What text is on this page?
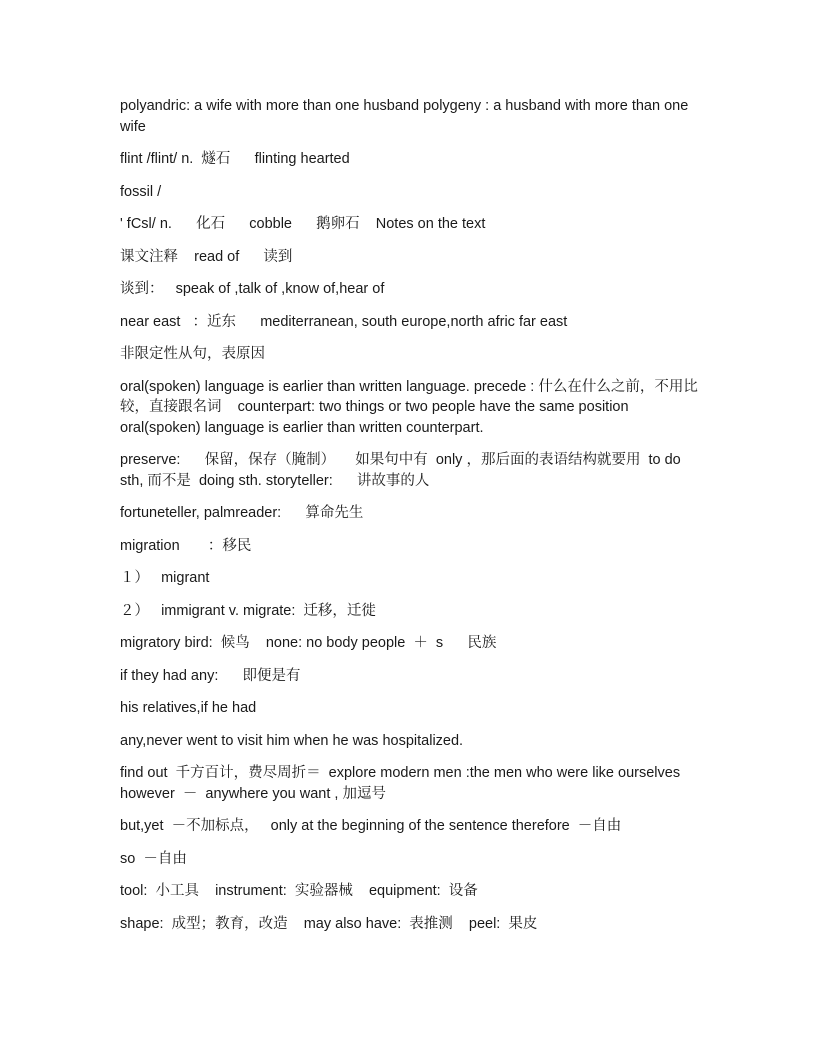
polyandric: a wife with more than one husband polygeny : a husband with more than one wife

flint /flint/ n.  燧石      flinting hearted

fossil /

' fCsl/ n.      化石      cobble      鹅卵石    Notes on the text

课文注释    read of      读到

谈到：   speak of ,talk of ,know of,hear of

near east   ：近东      mediterranean, south europe,north afric far east

非限定性从句，表原因

oral(spoken) language is earlier than written language. precede : 什么在什么之前，不用比较，直接跟名词    counterpart: two things or two people have the same position oral(spoken) language is earlier than written counterpart.

preserve:      保留，保存（腌制）     如果句中有  only ，那后面的表语结构就要用  to do sth, 而不是  doing sth. storyteller:      讲故事的人

fortuneteller, palmreader:      算命先生

migration       ：移民

１）   migrant

２）   immigrant v. migrate:  迁移，迁徙

migratory bird:  候鸟    none: no body people  ＋  s      民族

if they had any:      即便是有

his relatives,if he had

any,never went to visit him when he was hospitalized.

find out  千方百计，费尽周折＝  explore modern men :the men who were like ourselves however  －  anywhere you want , 加逗号

but,yet  －不加标点，   only at the beginning of the sentence therefore  －自由

so  －自由

tool:  小工具    instrument:  实验器械    equipment:  设备

shape:  成型；教育，改造    may also have:  表推测    peel:  果皮
